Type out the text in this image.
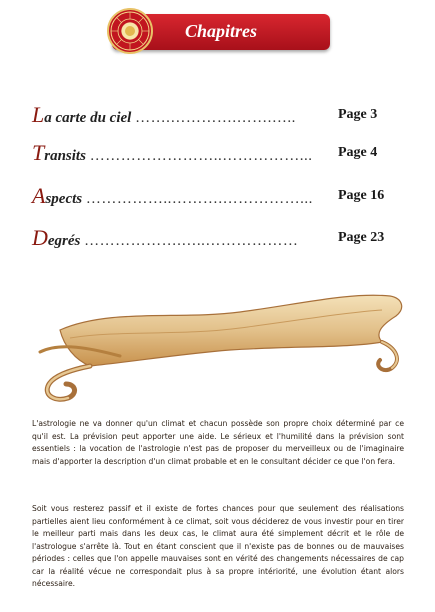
Chapitres
La carte du ciel …….………….…….…..	Page 3
Transits ……………………..……………... Page 4
Aspects ……………..……….……………... Page 16
Degrés ……………….…..………………	Page 23
L'astrologie ne va donner qu'un climat et chacun possède son propre choix déterminé par ce qu'il est. La prévision peut apporter une aide. Le sérieux et l'humilité dans la prévision sont essentiels : la vocation de l'astrologie n'est pas de proposer du merveilleux ou de l'imaginaire mais d'apporter la description d'un climat probable et en le consultant décider ce que l'on fera.
Soit vous resterez passif et il existe de fortes chances pour que seulement des réalisations partielles aient lieu conformément à ce climat, soit vous déciderez de vous investir pour en tirer le meilleur parti mais dans les deux cas, le climat aura été simplement décrit et le rôle de l'astrologue s'arrête là. Tout en étant conscient que il n'existe pas de bonnes ou de mauvaises périodes : celles que l'on appelle mauvaises sont en vérité des changements nécessaires de cap car la réalité vécue ne correspondait plus à sa propre intériorité, une évolution étant alors nécessaire.
